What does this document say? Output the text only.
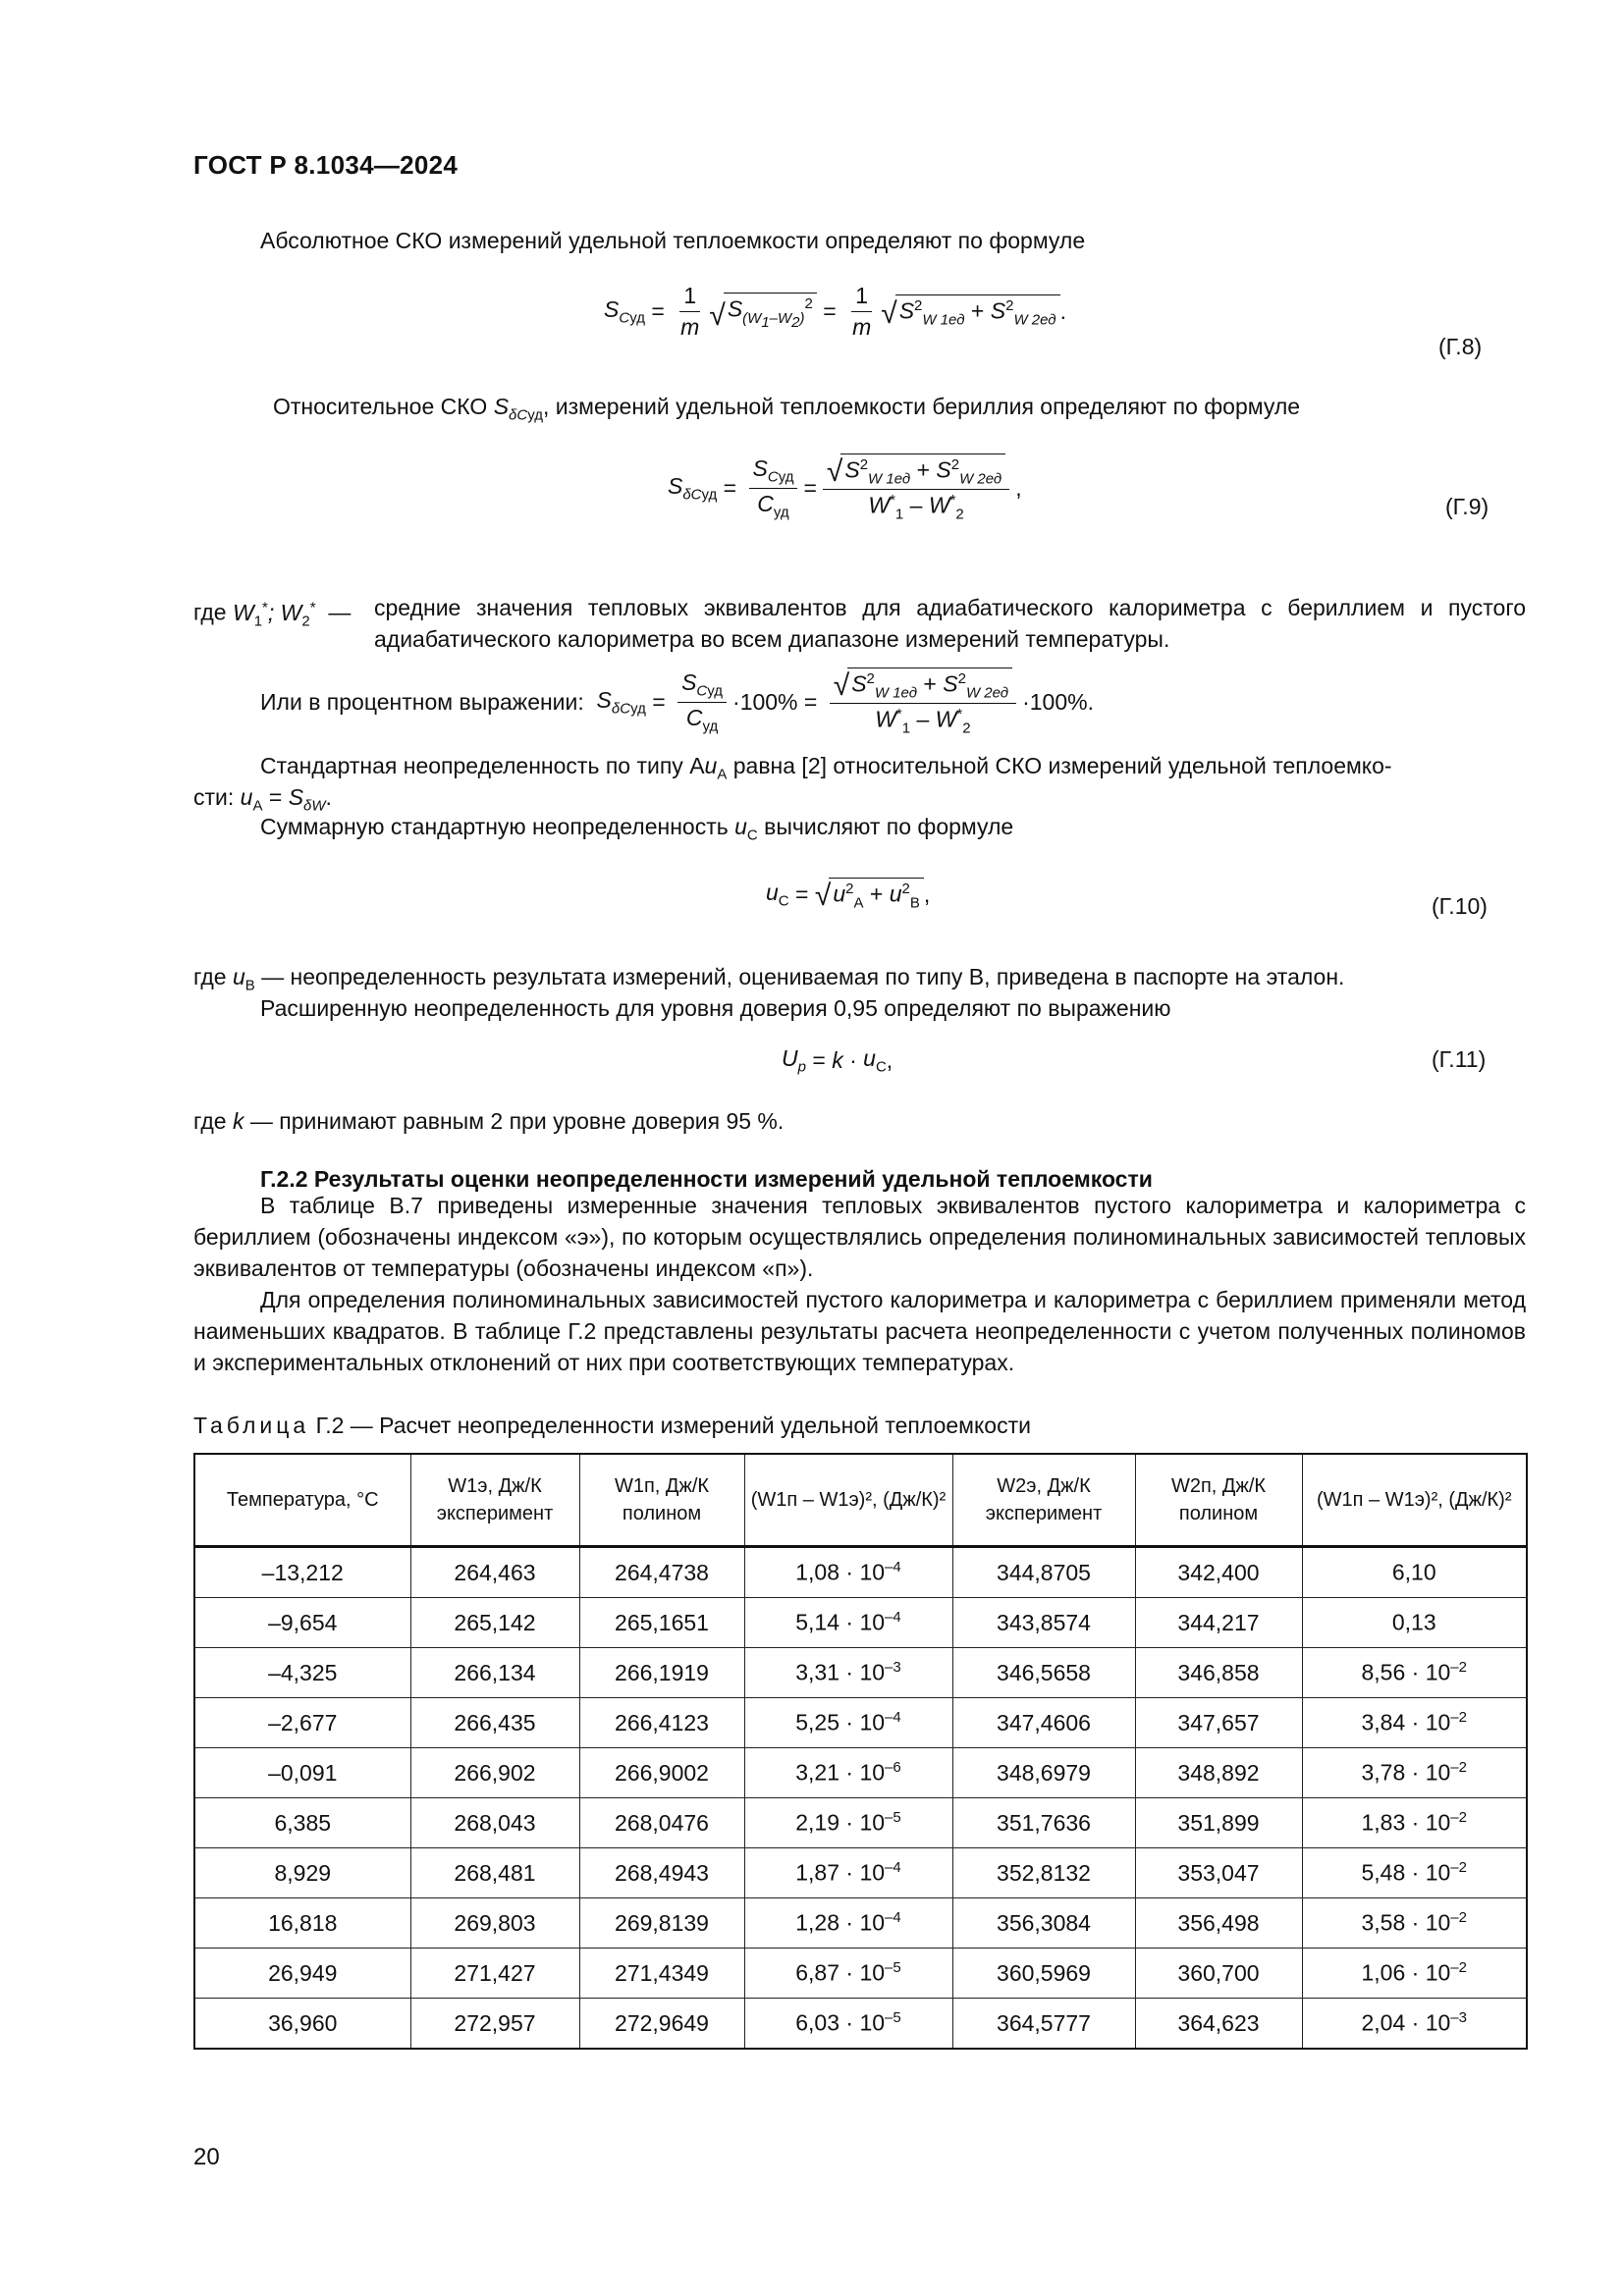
ГОСТ Р 8.1034—2024
Абсолютное СКО измерений удельной теплоемкости определяют по формуле
$S_{Cуд} = \frac{1}{m}$ √ $S_{(W_1-W_2)}^2 = \frac{1}{m}$ √ $S^2_{W 1ед} + S^2_{W 2ед}$ .
(Г.8)
Относительное СКО $S_{\delta Cуд}$, измерений удельной теплоемкости бериллия определяют по формуле
$S_{\delta Cуд} = \frac{S_{Cуд}}{C_{уд}} = \frac{√ S^2_{W 1ед} + S^2_{W 2ед}}{W^*_1 - W^*_2}$ ,
(Г.9)
где $W_1^*$; $W_2^*$ — средние значения тепловых эквивалентов для адиабатического калориметра с бериллием и пустого адиабатического калориметра во всем диапазоне измерений температуры.
Или в процентном выражении: $S_{\delta Cуд} = \frac{S_{Cуд}}{C_{уд}} \cdot 100\% = \frac{√ S^2_{W 1ед} + S^2_{W 2ед}}{W^*_1 - W^*_2} \cdot 100\%$.
Стандартная неопределенность по типу $Аu_А$ равна [2] относительной СКО измерений удельной теплоемко-
сти: $u_А = S_{\delta W}$.
Суммарную стандартную неопределенность $u_С$ вычисляют по формуле
$u_С$ = √ $u^2_А + u^2_В$ ,	(Г.10)
где $u_В$ — неопределенность результата измерений, оцениваемая по типу В, приведена в паспорте на эталон.
Расширенную неопределенность для уровня доверия 0,95 определяют по выражению
$U_p = k \cdot u_С$ ,	(Г.11)
где k — принимают равным 2 при уровне доверия 95 %.
Г.2.2 Результаты оценки неопределенности измерений удельной теплоемкости
В таблице В.7 приведены измеренные значения тепловых эквивалентов пустого калориметра и калориметра с бериллием (обозначены индексом «э»), по которым осуществлялись определения полиноминальных зависимостей тепловых эквивалентов от температуры (обозначены индексом «п»).
Для определения полиноминальных зависимостей пустого калориметра и калориметра с бериллием применяли метод наименьших квадратов. В таблице Г.2 представлены результаты расчета неопределенности с учетом полученных полиномов и экспериментальных отклонений от них при соответствующих температурах.
Таблица Г.2 — Расчет неопределенности измерений удельной теплоемкости
Температура, °С	W1э, Дж/К эксперимент	W1п, Дж/К полином	(W1п – W1э)², (Дж/К)²	W2э, Дж/К эксперимент	W2п, Дж/К полином	(W1п – W1э)², (Дж/К)²
–13,212	264,463	264,4738	$1,08 \cdot 10^{-4}$	344,8705	342,400	6,10
–9,654	265,142	265,1651	$5,14 \cdot 10^{-4}$	343,8574	344,217	0,13
–4,325	266,134	266,1919	$3,31 \cdot 10^{-3}$	346,5658	346,858	$8,56 \cdot 10^{-2}$
–2,677	266,435	266,4123	$5,25 \cdot 10^{-4}$	347,4606	347,657	$3,84 \cdot 10^{-2}$
–0,091	266,902	266,9002	$3,21 \cdot 10^{-6}$	348,6979	348,892	$3,78 \cdot 10^{-2}$
6,385	268,043	268,0476	$2,19 \cdot 10^{-5}$	351,7636	351,899	$1,83 \cdot 10^{-2}$
8,929	268,481	268,4943	$1,87 \cdot 10^{-4}$	352,8132	353,047	$5,48 \cdot 10^{-2}$
16,818	269,803	269,8139	$1,28 \cdot 10^{-4}$	356,3084	356,498	$3,58 \cdot 10^{-2}$
26,949	271,427	271,4349	$6,87 \cdot 10^{-5}$	360,5969	360,700	$1,06 \cdot 10^{-2}$
36,960	272,957	272,9649	$6,03 \cdot 10^{-5}$	364,5777	364,623	$2,04 \cdot 10^{-3}$
20
